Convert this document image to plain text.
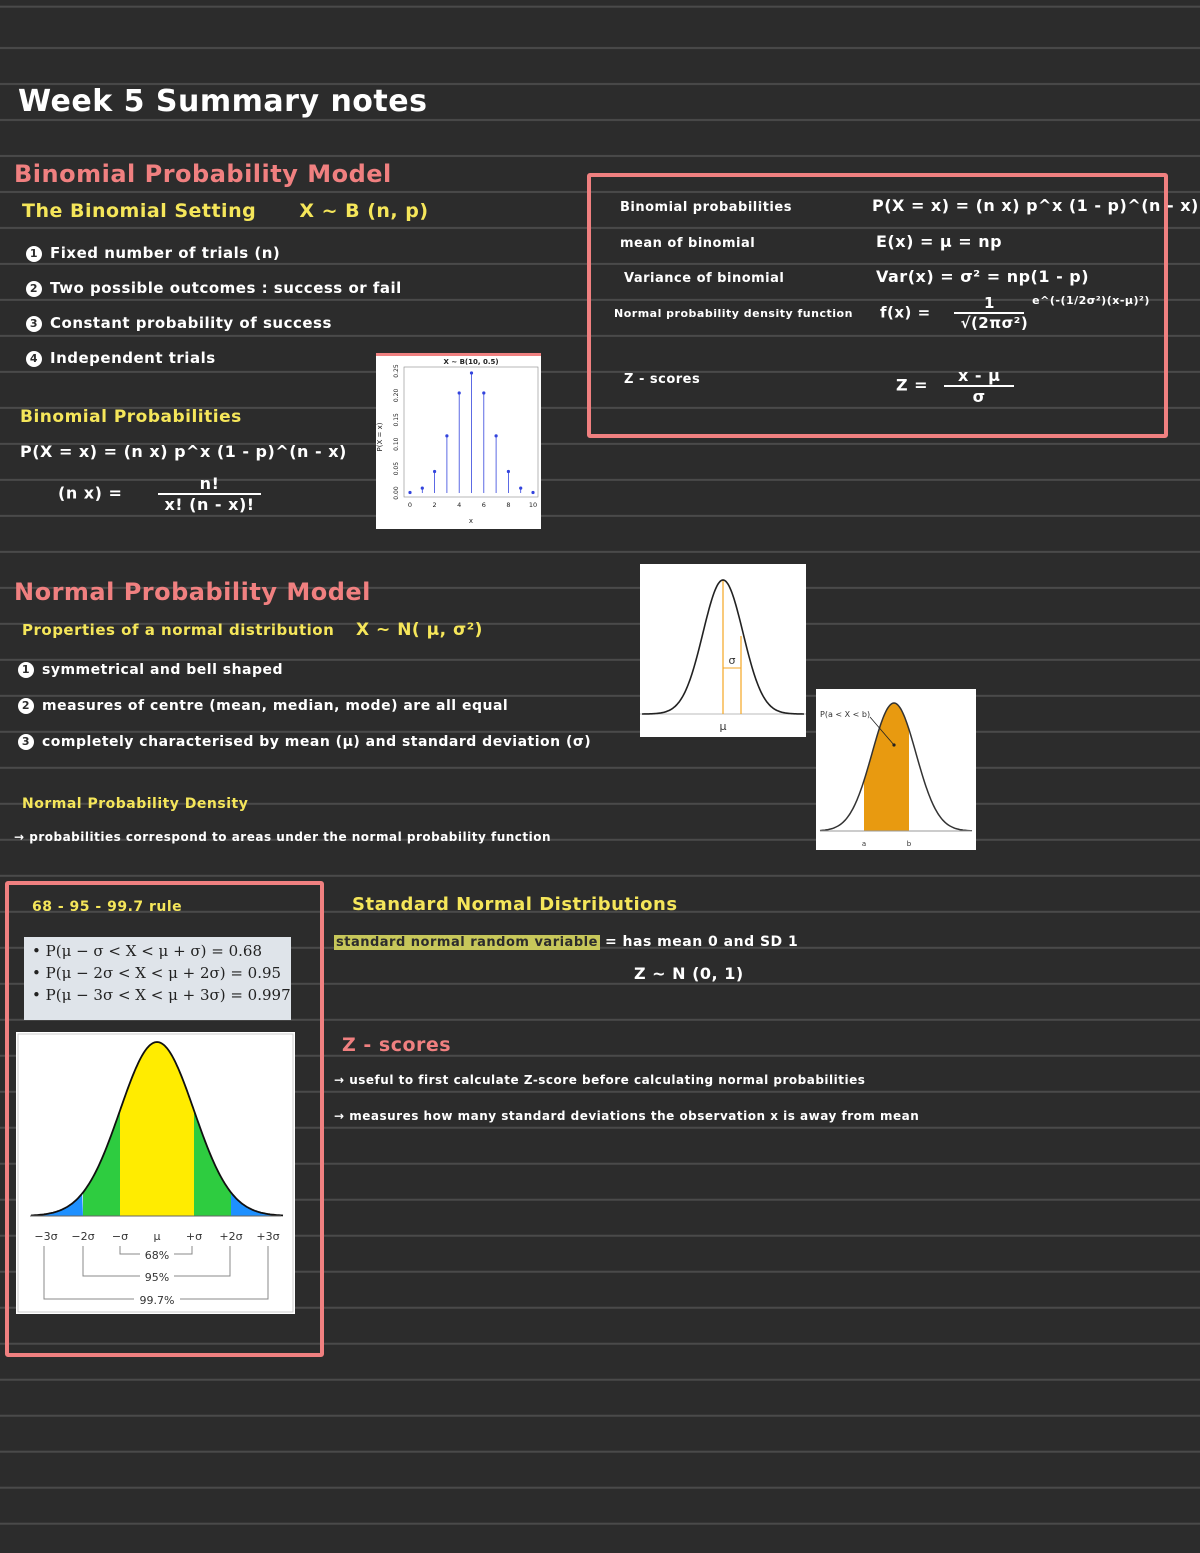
Week 5 Summary notes
Binomial Probability Model
The Binomial Setting X ~ B (n, p)
1 Fixed number of trials (n)
2 Two possible outcomes : success or fail
3 Constant probability of success
4 Independent trials
Binomial Probabilities
P(X = x) = (n x) p^x (1 - p)^(n - x)
(n $x) = \frac{n!}{x! (n - x)!}$
X ~ B(10, 0.5)
P(X = x)
x
0	2	4	6	8	10
0.00
0.05
0.10
0.15
0.20
0.25
Binomial probabilities	P(X = x) = (n x) p^x (1 - p)^(n - x)
mean of binomial	E(x) = μ = np
Variance of binomial	Var(x) = σ² = np(1 - p)
Normal probability density function $f(x) = \frac{1}{\text{√(2πσ²)}} ^{e\^{}(-(1/2\sigma^2)(x-\mu)^2)}$
Z - scores	$Z = \frac{x - \mu}{\sigma}$
Normal Probability Model
Properties of a normal distribution X ~ N( μ, σ²)
1 symmetrical and bell shaped
2 measures of centre (mean, median, mode) are all equal
3 completely characterised by mean (μ) and standard deviation (σ)
Normal Probability Density
→ probabilities correspond to areas under the normal probability function
σ
μ
P(a < X < b)
a	b
68 - 95 - 99.7 rule
• P(μ − σ < X < μ + σ) = 0.68
• P(μ − 2σ < X < μ + 2σ) = 0.95
• P(μ − 3σ < X < μ + 3σ) = 0.997
−3σ −2σ −σ μ +σ +2σ +3σ
68%
95%
99.7%
Standard Normal Distributions
standard normal random variable = has mean 0 and SD 1
Z ~ N (0, 1)
Z - scores
→ useful to first calculate Z-score before calculating normal probabilities
→ measures how many standard deviations the observation x is away from mean
